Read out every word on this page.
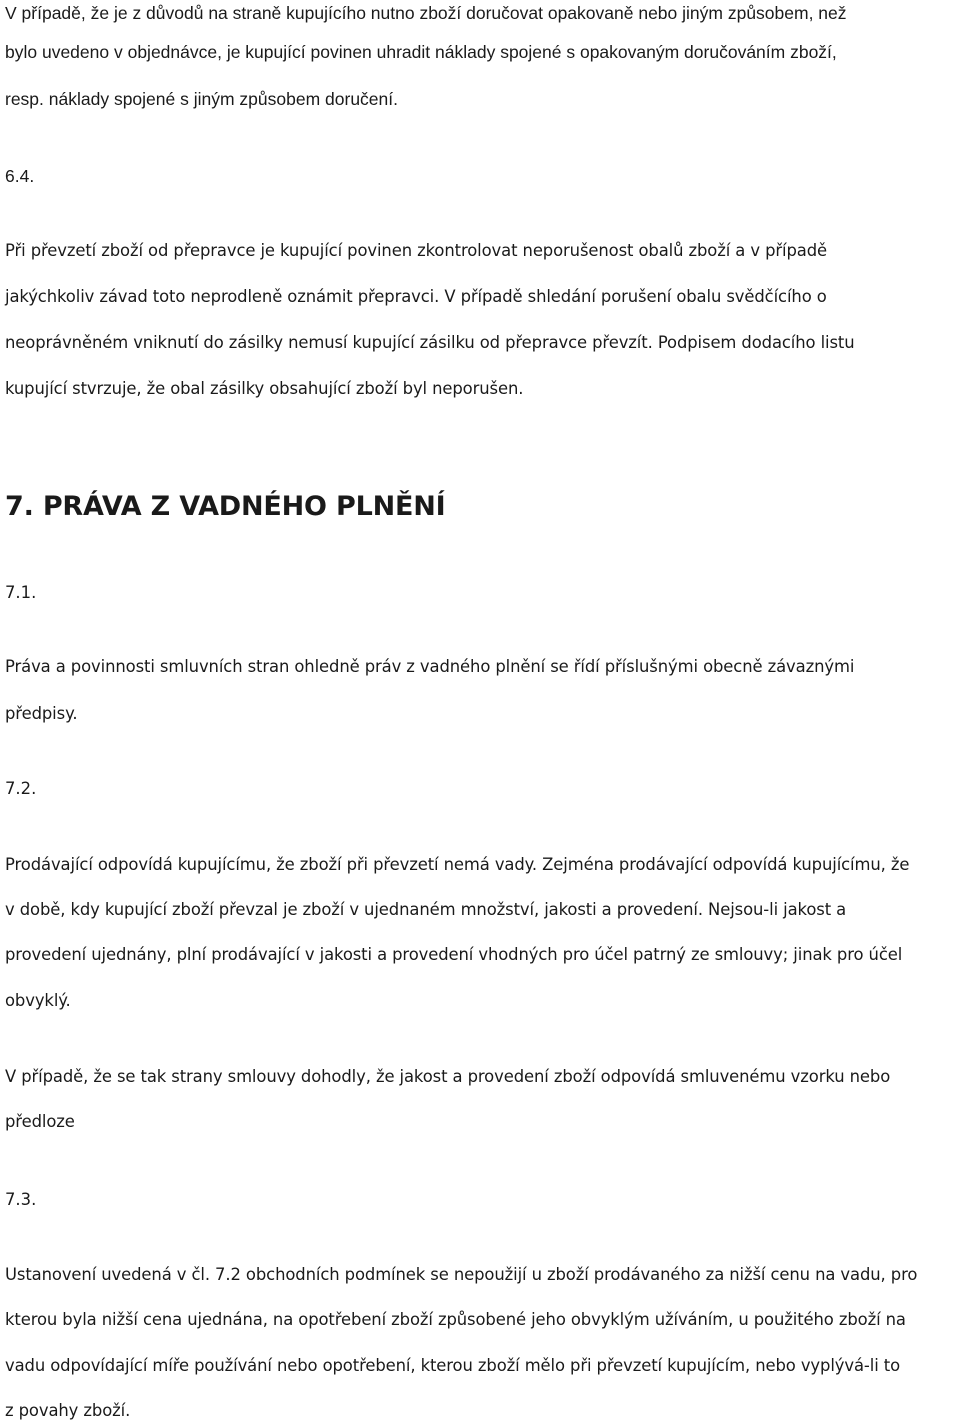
V případě, že je z důvodů na straně kupujícího nutno zboží doručovat opakovaně nebo jiným způsobem, než
bylo uvedeno v objednávce, je kupující povinen uhradit náklady spojené s opakovaným doručováním zboží,
resp. náklady spojené s jiným způsobem doručení.
6.4.
Při převzetí zboží od přepravce je kupující povinen zkontrolovat neporušenost obalů zboží a v případě
jakýchkoliv závad toto neprodleně oznámit přepravci. V případě shledání porušení obalu svědčícího o
neoprávněném vniknutí do zásilky nemusí kupující zásilku od přepravce převzít. Podpisem dodacího listu
kupující stvrzuje, že obal zásilky obsahující zboží byl neporušen.
7. PRÁVA Z VADNÉHO PLNĚNÍ
7.1.
Práva a povinnosti smluvních stran ohledně práv z vadného plnění se řídí příslušnými obecně závaznými
předpisy.
7.2.
Prodávající odpovídá kupujícímu, že zboží při převzetí nemá vady. Zejména prodávající odpovídá kupujícímu, že
v době, kdy kupující zboží převzal je zboží v ujednaném množství, jakosti a provedení. Nejsou-li jakost a
provedení ujednány, plní prodávající v jakosti a provedení vhodných pro účel patrný ze smlouvy; jinak pro účel
obvyklý.
V případě, že se tak strany smlouvy dohodly, že jakost a provedení zboží odpovídá smluvenému vzorku nebo
předloze
7.3.
Ustanovení uvedená v čl. 7.2 obchodních podmínek se nepoužijí u zboží prodávaného za nižší cenu na vadu, pro
kterou byla nižší cena ujednána, na opotřebení zboží způsobené jeho obvyklým užíváním, u použitého zboží na
vadu odpovídající míře používání nebo opotřebení, kterou zboží mělo při převzetí kupujícím, nebo vyplývá-li to
z povahy zboží.
